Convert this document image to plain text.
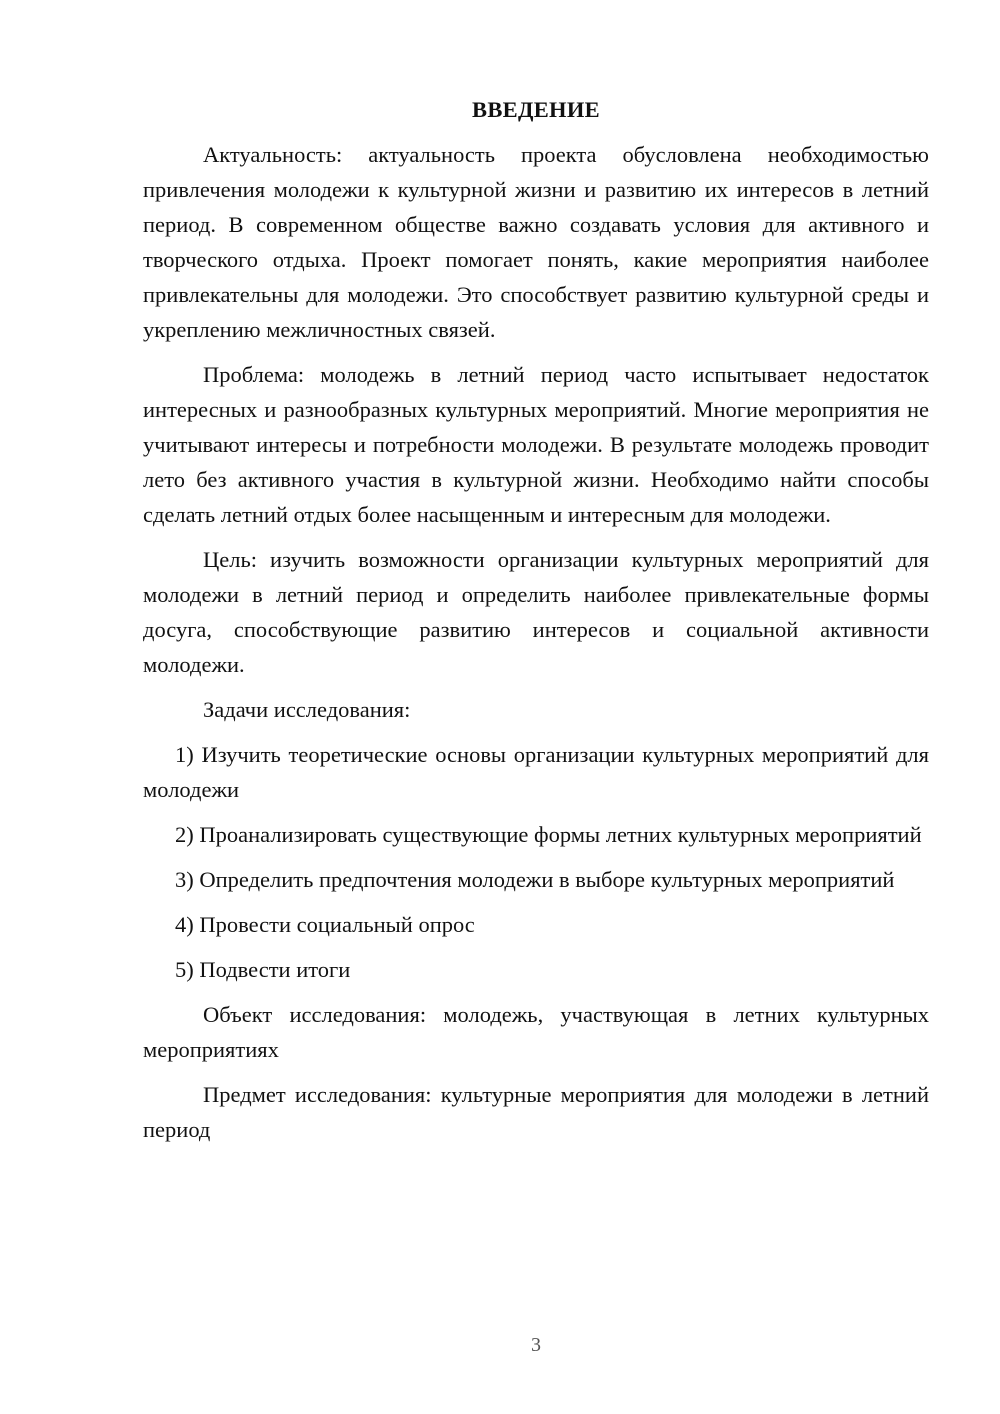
ВВЕДЕНИЕ

Актуальность: актуальность проекта обусловлена необходимостью привлечения молодежи к культурной жизни и развитию их интересов в летний период. В современном обществе важно создавать условия для активного и творческого отдыха. Проект помогает понять, какие мероприятия наиболее привлекательны для молодежи. Это способствует развитию культурной среды и укреплению межличностных связей.

Проблема: молодежь в летний период часто испытывает недостаток интересных и разнообразных культурных мероприятий. Многие мероприятия не учитывают интересы и потребности молодежи. В результате молодежь проводит лето без активного участия в культурной жизни. Необходимо найти способы сделать летний отдых более насыщенным и интересным для молодежи.

Цель: изучить возможности организации культурных мероприятий для молодежи в летний период и определить наиболее привлекательные формы досуга, способствующие развитию интересов и социальной активности молодежи.

Задачи исследования:

1) Изучить теоретические основы организации культурных мероприятий для молодежи

2) Проанализировать существующие формы летних культурных мероприятий

3) Определить предпочтения молодежи в выборе культурных мероприятий

4) Провести социальный опрос

5) Подвести итоги

Объект исследования: молодежь, участвующая в летних культурных мероприятиях

Предмет исследования: культурные мероприятия для молодежи в летний период

3
